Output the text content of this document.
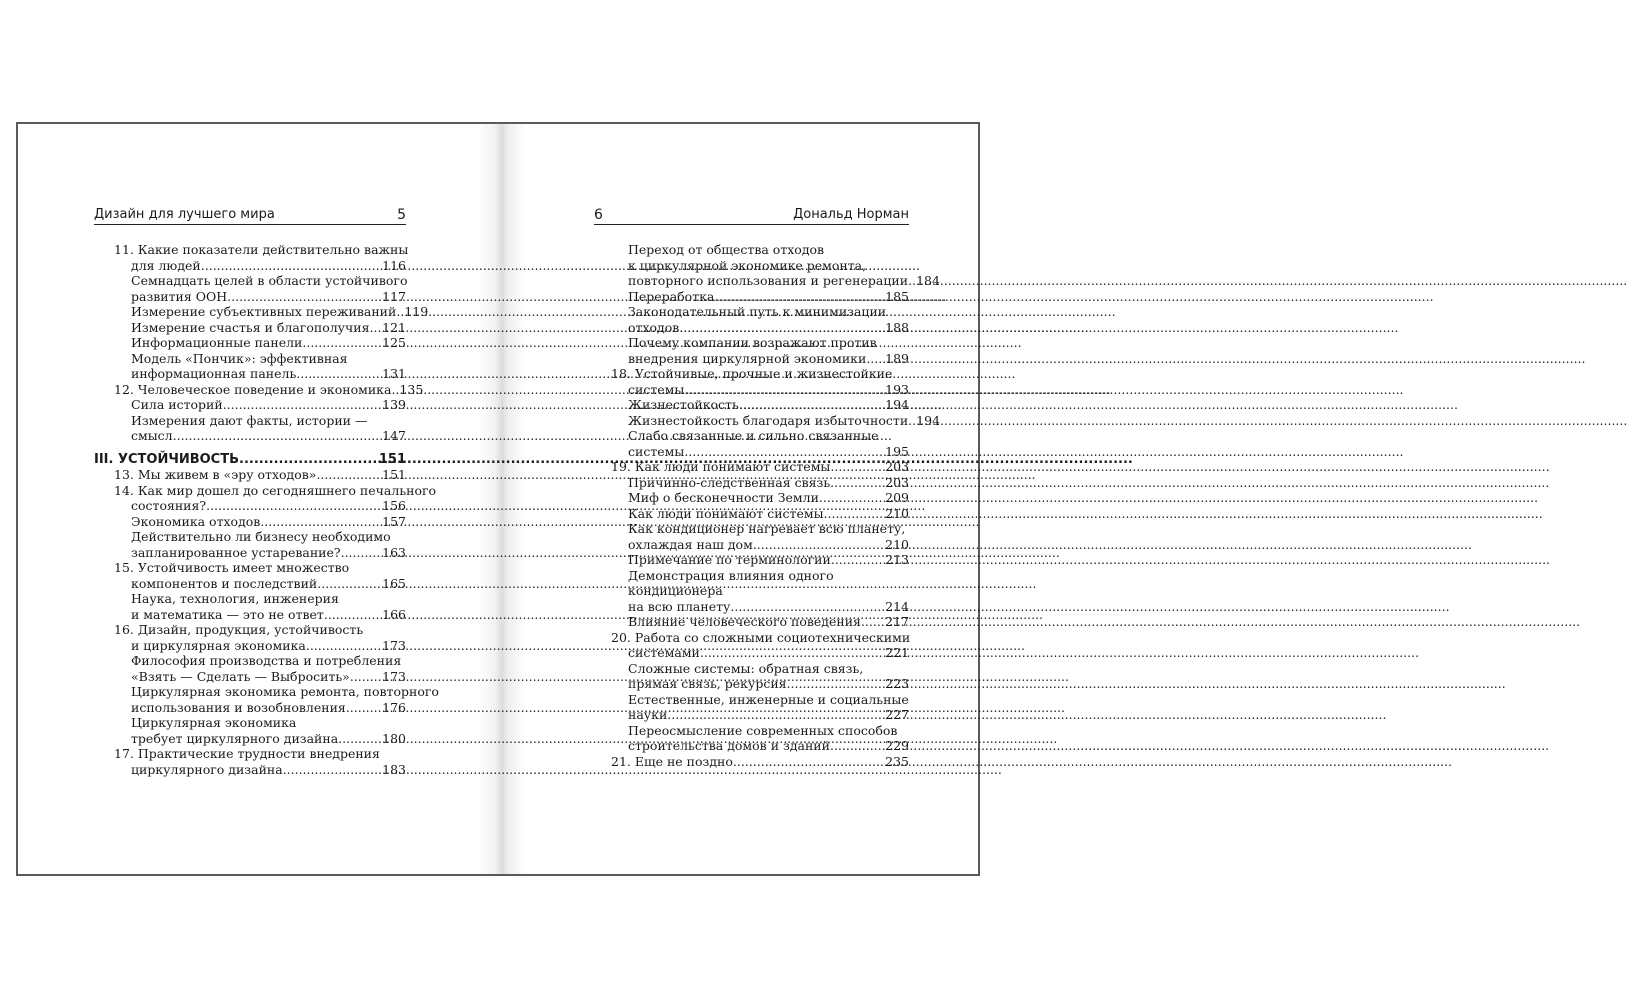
Дизайн для лучшего мира	5
11. Какие показатели действительно важны
для людей .....	116
Семнадцать целей в области устойчивого
развития ООН .....	117
Измерение субъективных переживаний ..... 119
Измерение счастья и благополучия ..... 121
Информационные панели .....	125
Модель «Пончик»: эффективная
информационная панель .....	131
12. Человеческое поведение и экономика ..... 135
Сила историй .....	139
Измерения дают факты, истории —
смысл .....	147
III. УСТОЙЧИВОСТЬ .....	151
13. Мы живем в «эру отходов» .....	151
14. Как мир дошел до сегодняшнего печального
состояния? .....	156
Экономика отходов .....	157
Действительно ли бизнесу необходимо
запланированное устаревание? .....	163
15. Устойчивость имеет множество
компонентов и последствий .....	165
Наука, технология, инженерия
и математика — это не ответ .....	166
16. Дизайн, продукция, устойчивость
и циркулярная экономика .....	173
Философия производства и потребления
«Взять — Сделать — Выбросить» .....	173
Циркулярная экономика ремонта, повторного
использования и возобновления .....	176
Циркулярная экономика
требует циркулярного дизайна .....	180
17. Практические трудности внедрения
циркулярного дизайна .....	183
6	Дональд Норман
Переход от общества отходов
к циркулярной экономике ремонта,
повторного использования и регенерации ..... 184
Переработка .....	185
Законодательный путь к минимизации
отходов .....	188
Почему компании возражают против
внедрения циркулярной экономики ..... 189
18. Устойчивые, прочные и жизнестойкие
системы .....	193
Жизнестойкость .....	194
Жизнестойкость благодаря избыточности ..... 194
Слабо связанные и сильно связанные
системы .....	195
19. Как люди понимают системы .....	203
Причинно-следственная связь .....	203
Миф о бесконечности Земли .....	209
Как люди понимают системы .....	210
Как кондиционер нагревает всю планету,
охлаждая наш дом .....	210
Примечание по терминологии .....	213
Демонстрация влияния одного
кондиционера
на всю планету .....	214
Влияние человеческого поведения ..... 217
20. Работа со сложными социотехническими
системами .....	221
Сложные системы: обратная связь,
прямая связь, рекурсия .....	223
Естественные, инженерные и социальные
науки .....	227
Переосмысление современных способов
строительства домов и зданий .....	229
21. Еще не поздно .....	235
